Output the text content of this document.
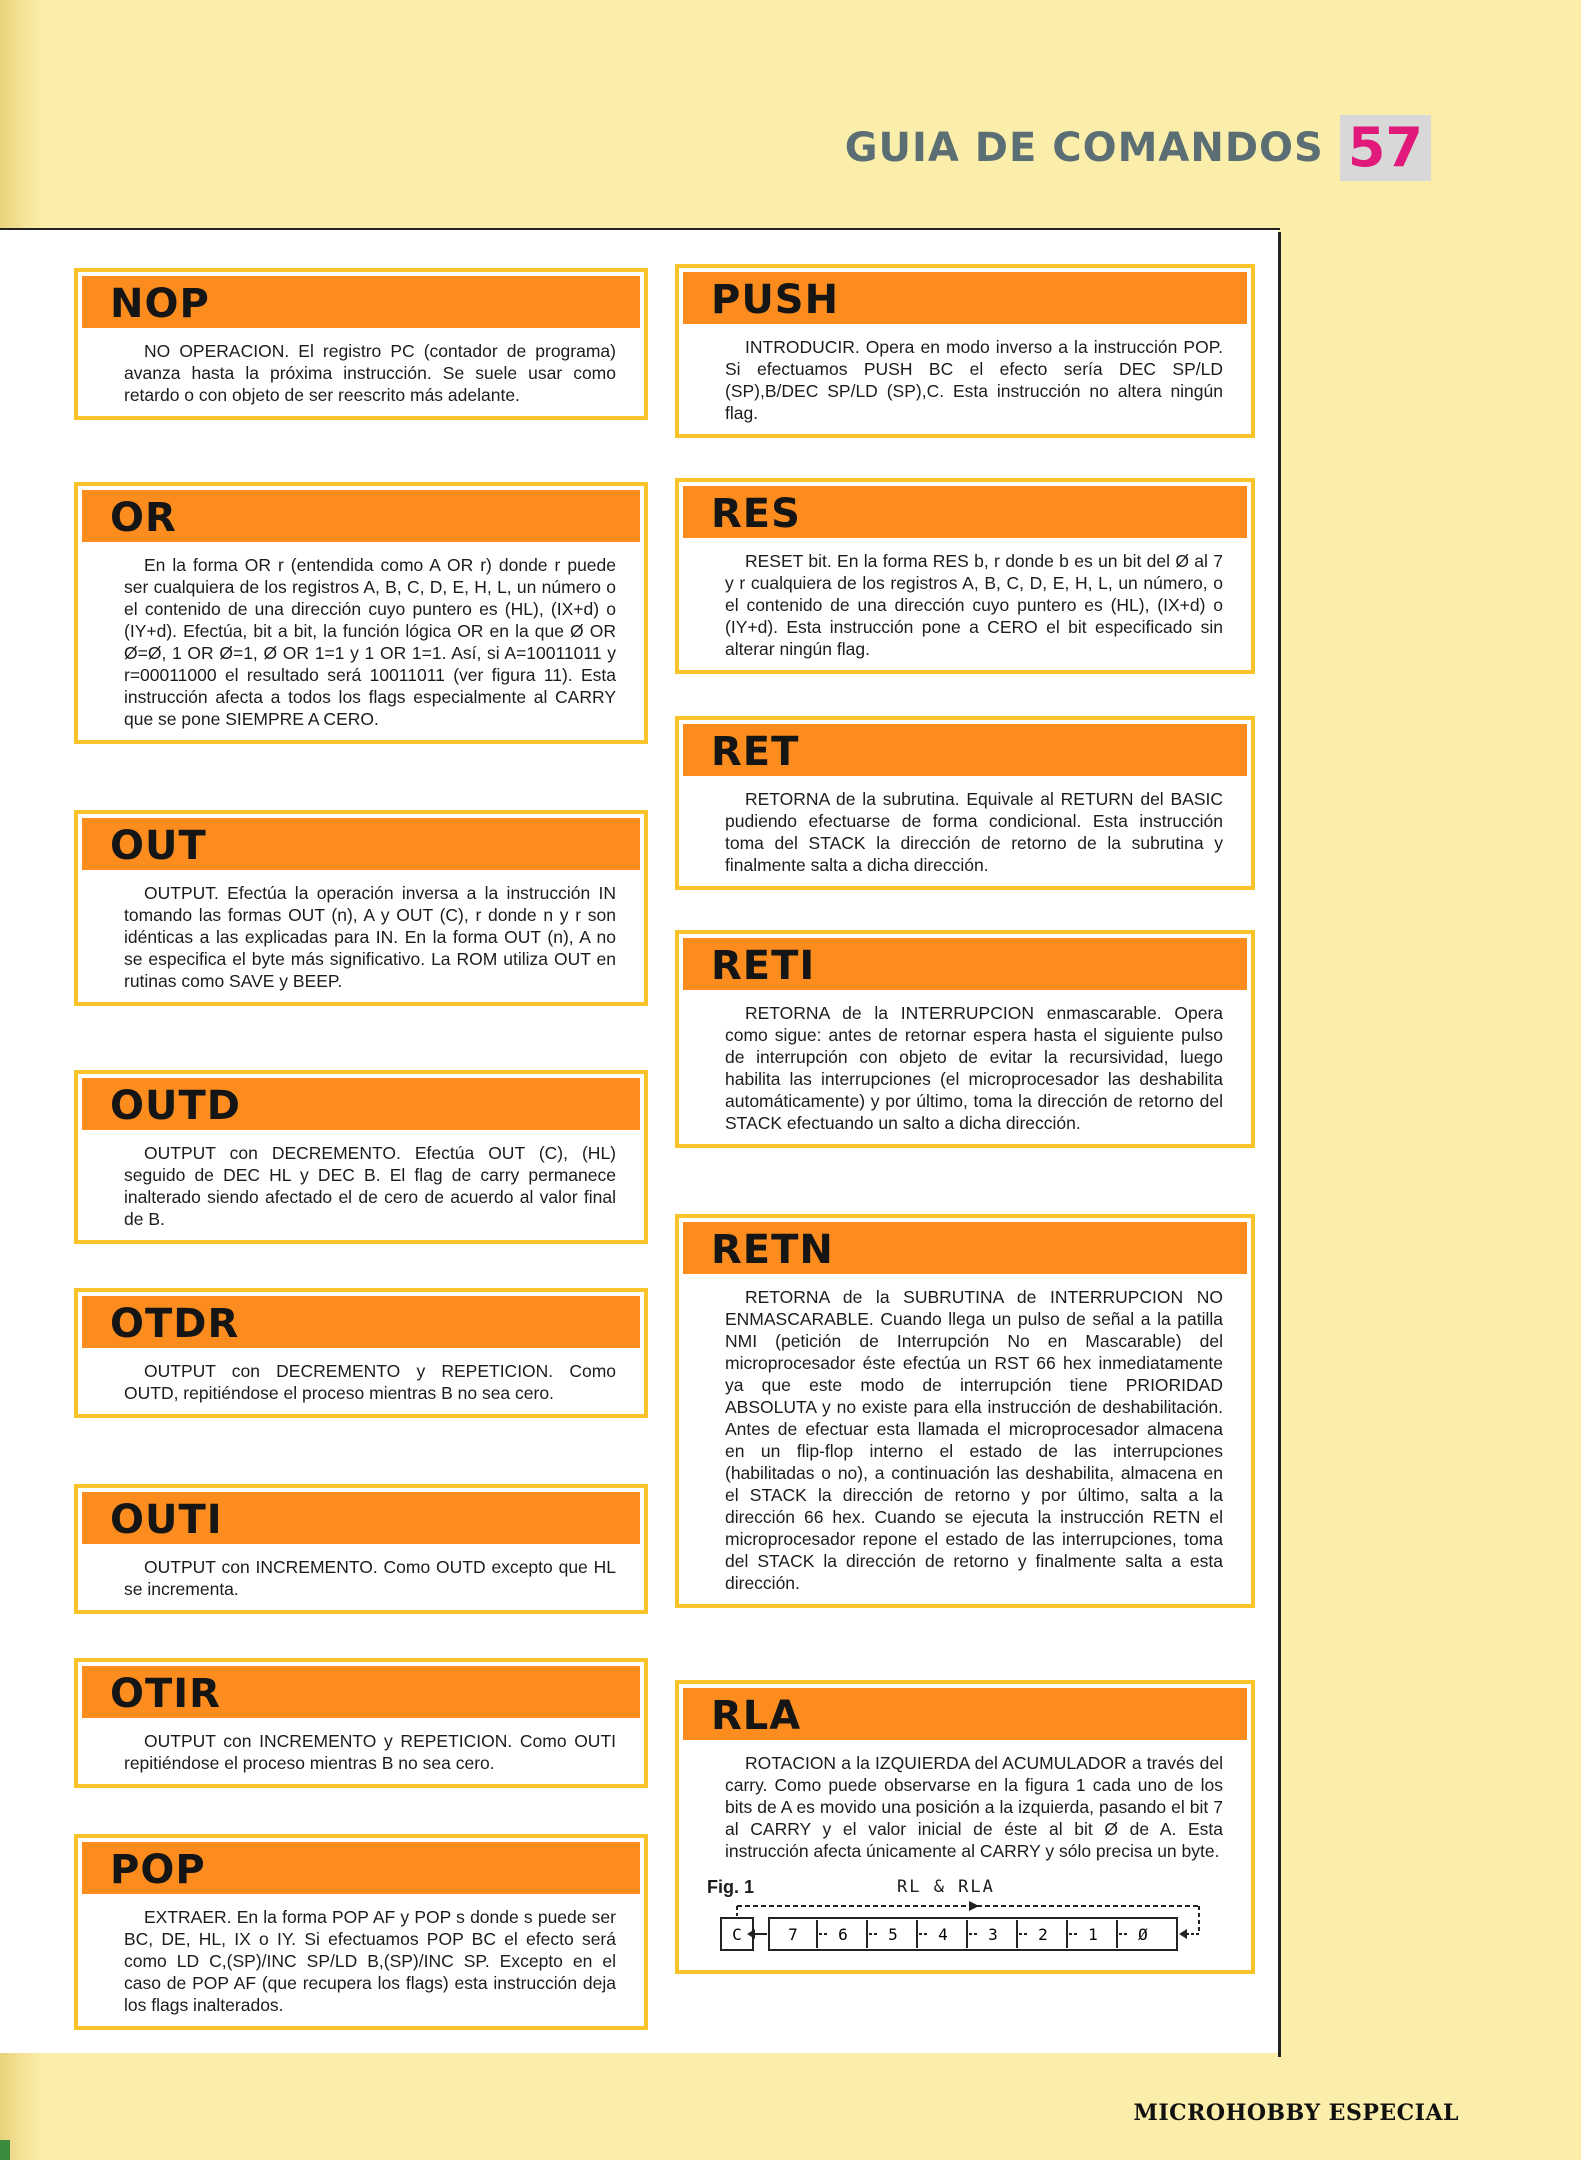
GUIA DE COMANDOS 57
NOP

NO OPERACION. El registro PC (contador de programa) avanza hasta la próxima instrucción. Se suele usar como retardo o con objeto de ser reescrito más adelante.

OR

En la forma OR r (entendida como A OR r) donde r puede ser cualquiera de los registros A, B, C, D, E, H, L, un número o el contenido de una dirección cuyo puntero es (HL), (IX+d) o (IY+d). Efectúa, bit a bit, la función lógica OR en la que Ø OR Ø=Ø, 1 OR Ø=1, Ø OR 1=1 y 1 OR 1=1. Así, si A=10011011 y r=00011000 el resultado será 10011011 (ver figura 11). Esta instrucción afecta a todos los flags especialmente al CARRY que se pone SIEMPRE A CERO.

OUT

OUTPUT. Efectúa la operación inversa a la instrucción IN tomando las formas OUT (n), A y OUT (C), r donde n y r son idénticas a las explicadas para IN. En la forma OUT (n), A no se especifica el byte más significativo. La ROM utiliza OUT en rutinas como SAVE y BEEP.

OUTD

OUTPUT con DECREMENTO. Efectúa OUT (C), (HL) seguido de DEC HL y DEC B. El flag de carry permanece inalterado siendo afectado el de cero de acuerdo al valor final de B.

OTDR

OUTPUT con DECREMENTO y REPETICION. Como OUTD, repitiéndose el proceso mientras B no sea cero.

OUTI

OUTPUT con INCREMENTO. Como OUTD excepto que HL se incrementa.

OTIR

OUTPUT con INCREMENTO y REPETICION. Como OUTI repitiéndose el proceso mientras B no sea cero.

POP

EXTRAER. En la forma POP AF y POP s donde s puede ser BC, DE, HL, IX o IY. Si efectuamos POP BC el efecto será como LD C,(SP)/INC SP/LD B,(SP)/INC SP. Excepto en el caso de POP AF (que recupera los flags) esta instrucción deja los flags inalterados.

PUSH

INTRODUCIR. Opera en modo inverso a la instrucción POP. Si efectuamos PUSH BC el efecto sería DEC SP/LD (SP),B/DEC SP/LD (SP),C. Esta instrucción no altera ningún flag.

RES

RESET bit. En la forma RES b, r donde b es un bit del Ø al 7 y r cualquiera de los registros A, B, C, D, E, H, L, un número, o el contenido de una dirección cuyo puntero es (HL), (IX+d) o (IY+d). Esta instrucción pone a CERO el bit especificado sin alterar ningún flag.

RET

RETORNA de la subrutina. Equivale al RETURN del BASIC pudiendo efectuarse de forma condicional. Esta instrucción toma del STACK la dirección de retorno de la subrutina y finalmente salta a dicha dirección.

RETI

RETORNA de la INTERRUPCION enmascarable. Opera como sigue: antes de retornar espera hasta el siguiente pulso de interrupción con objeto de evitar la recursividad, luego habilita las interrupciones (el microprocesador las deshabilita automáticamente) y por último, toma la dirección de retorno del STACK efectuando un salto a dicha dirección.

RETN

RETORNA de la SUBRUTINA de INTERRUPCION NO ENMASCARABLE. Cuando llega un pulso de señal a la patilla NMI (petición de Interrupción No en Mascarable) del microprocesador éste efectúa un RST 66 hex inmediatamente ya que este modo de interrupción tiene PRIORIDAD ABSOLUTA y no existe para ella instrucción de deshabilitación. Antes de efectuar esta llamada el microprocesador almacena en un flip-flop interno el estado de las interrupciones (habilitadas o no), a continuación las deshabilita, almacena en el STACK la dirección de retorno y por último, salta a la dirección 66 hex. Cuando se ejecuta la instrucción RETN el microprocesador repone el estado de las interrupciones, toma del STACK la dirección de retorno y finalmente salta a esta dirección.

RLA

ROTACION a la IZQUIERDA del ACUMULADOR a través del carry. Como puede observarse en la figura 1 cada uno de los bits de A es movido una posición a la izquierda, pasando el bit 7 al CARRY y el valor inicial de éste al bit Ø de A. Esta instrucción afecta únicamente al CARRY y sólo precisa un byte.

Fig. 1	RL & RLA
C	7	6	5	4	3	2	1	Ø
MICROHOBBY ESPECIAL
